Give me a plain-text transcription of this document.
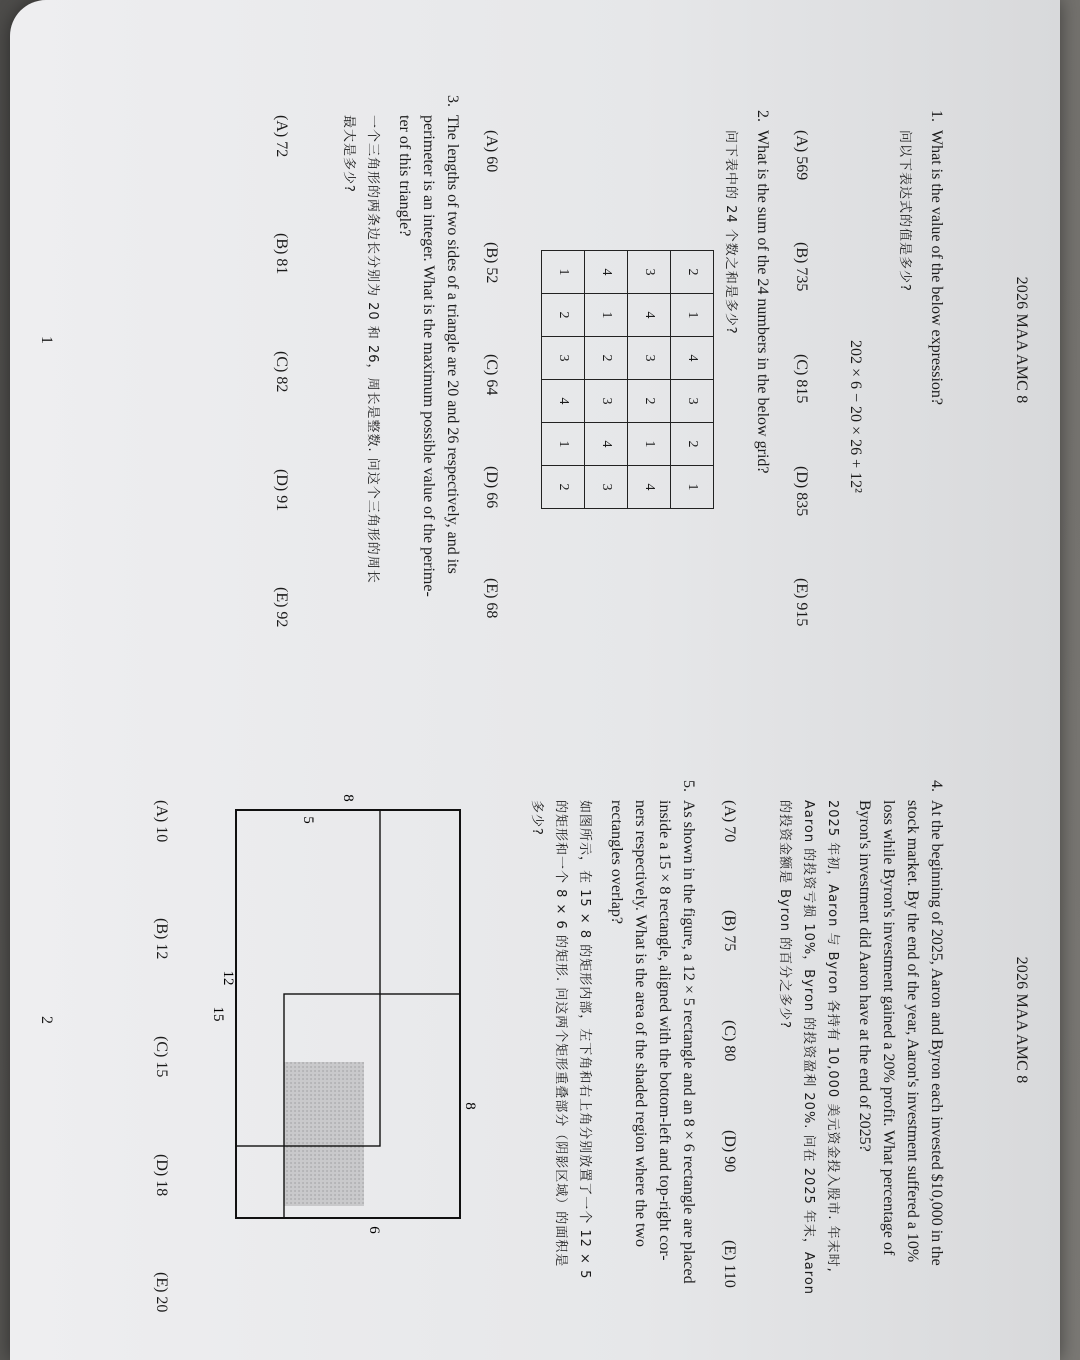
2026 MAA AMC 8
1.
What is the value of the below expression?
问以下表达式的值是多少?
202 × 6 − 20 × 26 + 12²
(A) 569
(B) 735
(C) 815
(D) 835
(E) 915
2.
What is the sum of the 24 numbers in the below grid?
问下表中的 24 个数之和是多少?
2	1	4	3	2	1
3	4	3	2	1	4
4	1	2	3	4	3
1	2	3	4	1	2
(A) 60
(B) 52
(C) 64
(D) 66
(E) 68
3.
The lengths of two sides of a triangle are 20 and 26 respectively, and its
perimeter is an integer. What is the maximum possible value of the perime-
ter of this triangle?
一个三角形的两条边长分别为 20 和 26，周长是整数. 问这个三角形的周长
最大是多少?
(A) 72
(B) 81
(C) 82
(D) 91
(E) 92
1
2026 MAA AMC 8
4.
At the beginning of 2025, Aaron and Byron each invested $10,000 in the
stock market. By the end of the year, Aaron's investment suffered a 10%
loss while Byron's investment gained a 20% profit. What percentage of
Byron's investment did Aaron have at the end of 2025?
2025 年初，Aaron 与 Byron 各持有 10,000 美元资金投入股市. 年末时,
Aaron 的投资亏损 10%，Byron 的投资盈利 20%. 问在 2025 年末，Aaron
的投资金额是 Byron 的百分之多少?
(A) 70
(B) 75
(C) 80
(D) 90
(E) 110
5.
As shown in the figure, a 12 × 5 rectangle and an 8 × 6 rectangle are placed
inside a 15 × 8 rectangle, aligned with the bottom-left and top-right cor-
ners respectively. What is the area of the shaded region where the two
rectangles overlap?
如图所示，在 15 × 8 的矩形内部，左下角和右上角分别放置了一个 12 × 5
的矩形和一个 8 × 6 的矩形. 问这两个矩形重叠部分（阴影区域）的面积是
多少?
15
8
12
5
8
6
(A) 10
(B) 12
(C) 15
(D) 18
(E) 20
2
